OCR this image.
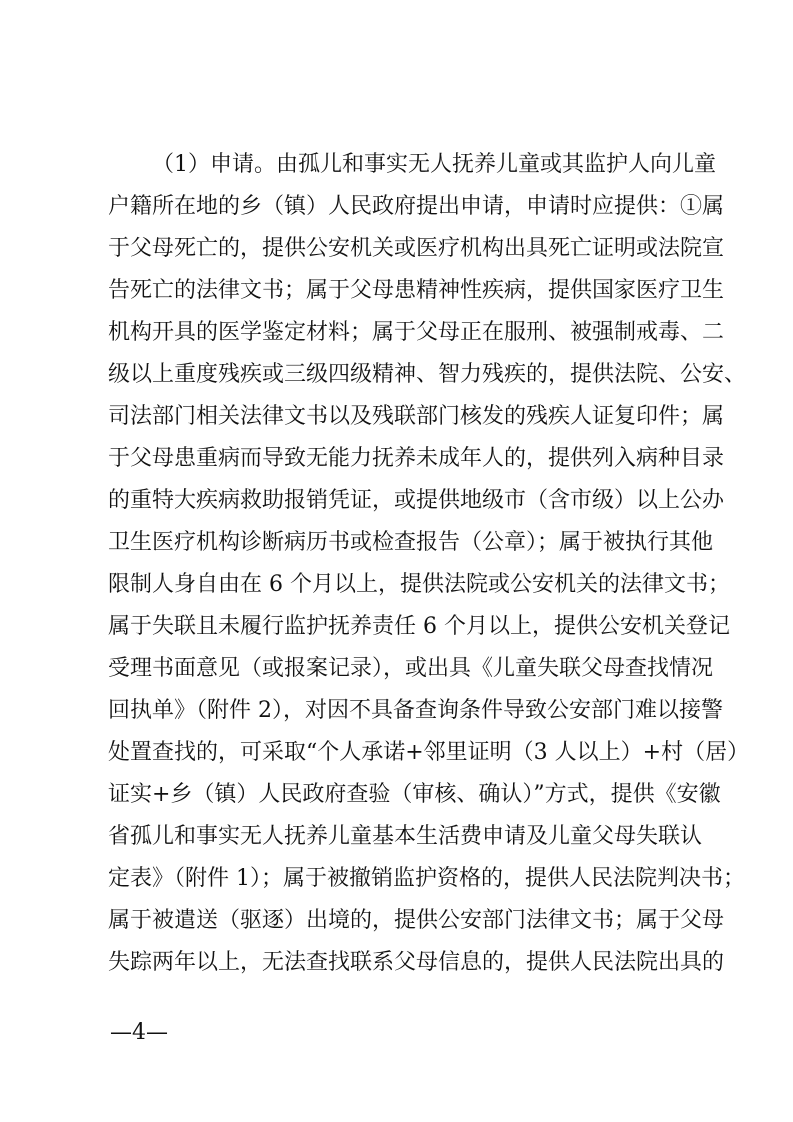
（1）申请。由孤儿和事实无人抚养儿童或其监护人向儿童
户籍所在地的乡（镇）人民政府提出申请，申请时应提供：①属
于父母死亡的，提供公安机关或医疗机构出具死亡证明或法院宣
告死亡的法律文书；属于父母患精神性疾病，提供国家医疗卫生
机构开具的医学鉴定材料；属于父母正在服刑、被强制戒毒、二
级以上重度残疾或三级四级精神、智力残疾的，提供法院、公安、
司法部门相关法律文书以及残联部门核发的残疾人证复印件；属
于父母患重病而导致无能力抚养未成年人的，提供列入病种目录
的重特大疾病救助报销凭证，或提供地级市（含市级）以上公办
卫生医疗机构诊断病历书或检查报告（公章）；属于被执行其他
限制人身自由在 6 个月以上，提供法院或公安机关的法律文书；
属于失联且未履行监护抚养责任 6 个月以上，提供公安机关登记
受理书面意见（或报案记录），或出具《儿童失联父母查找情况
回执单》（附件 2），对因不具备查询条件导致公安部门难以接警
处置查找的，可采取“个人承诺+邻里证明（3 人以上）+村（居）
证实+乡（镇）人民政府查验（审核、确认）”方式，提供《安徽
省孤儿和事实无人抚养儿童基本生活费申请及儿童父母失联认
定表》（附件 1）；属于被撤销监护资格的，提供人民法院判决书；
属于被遣送（驱逐）出境的，提供公安部门法律文书；属于父母
失踪两年以上，无法查找联系父母信息的，提供人民法院出具的
—4—
